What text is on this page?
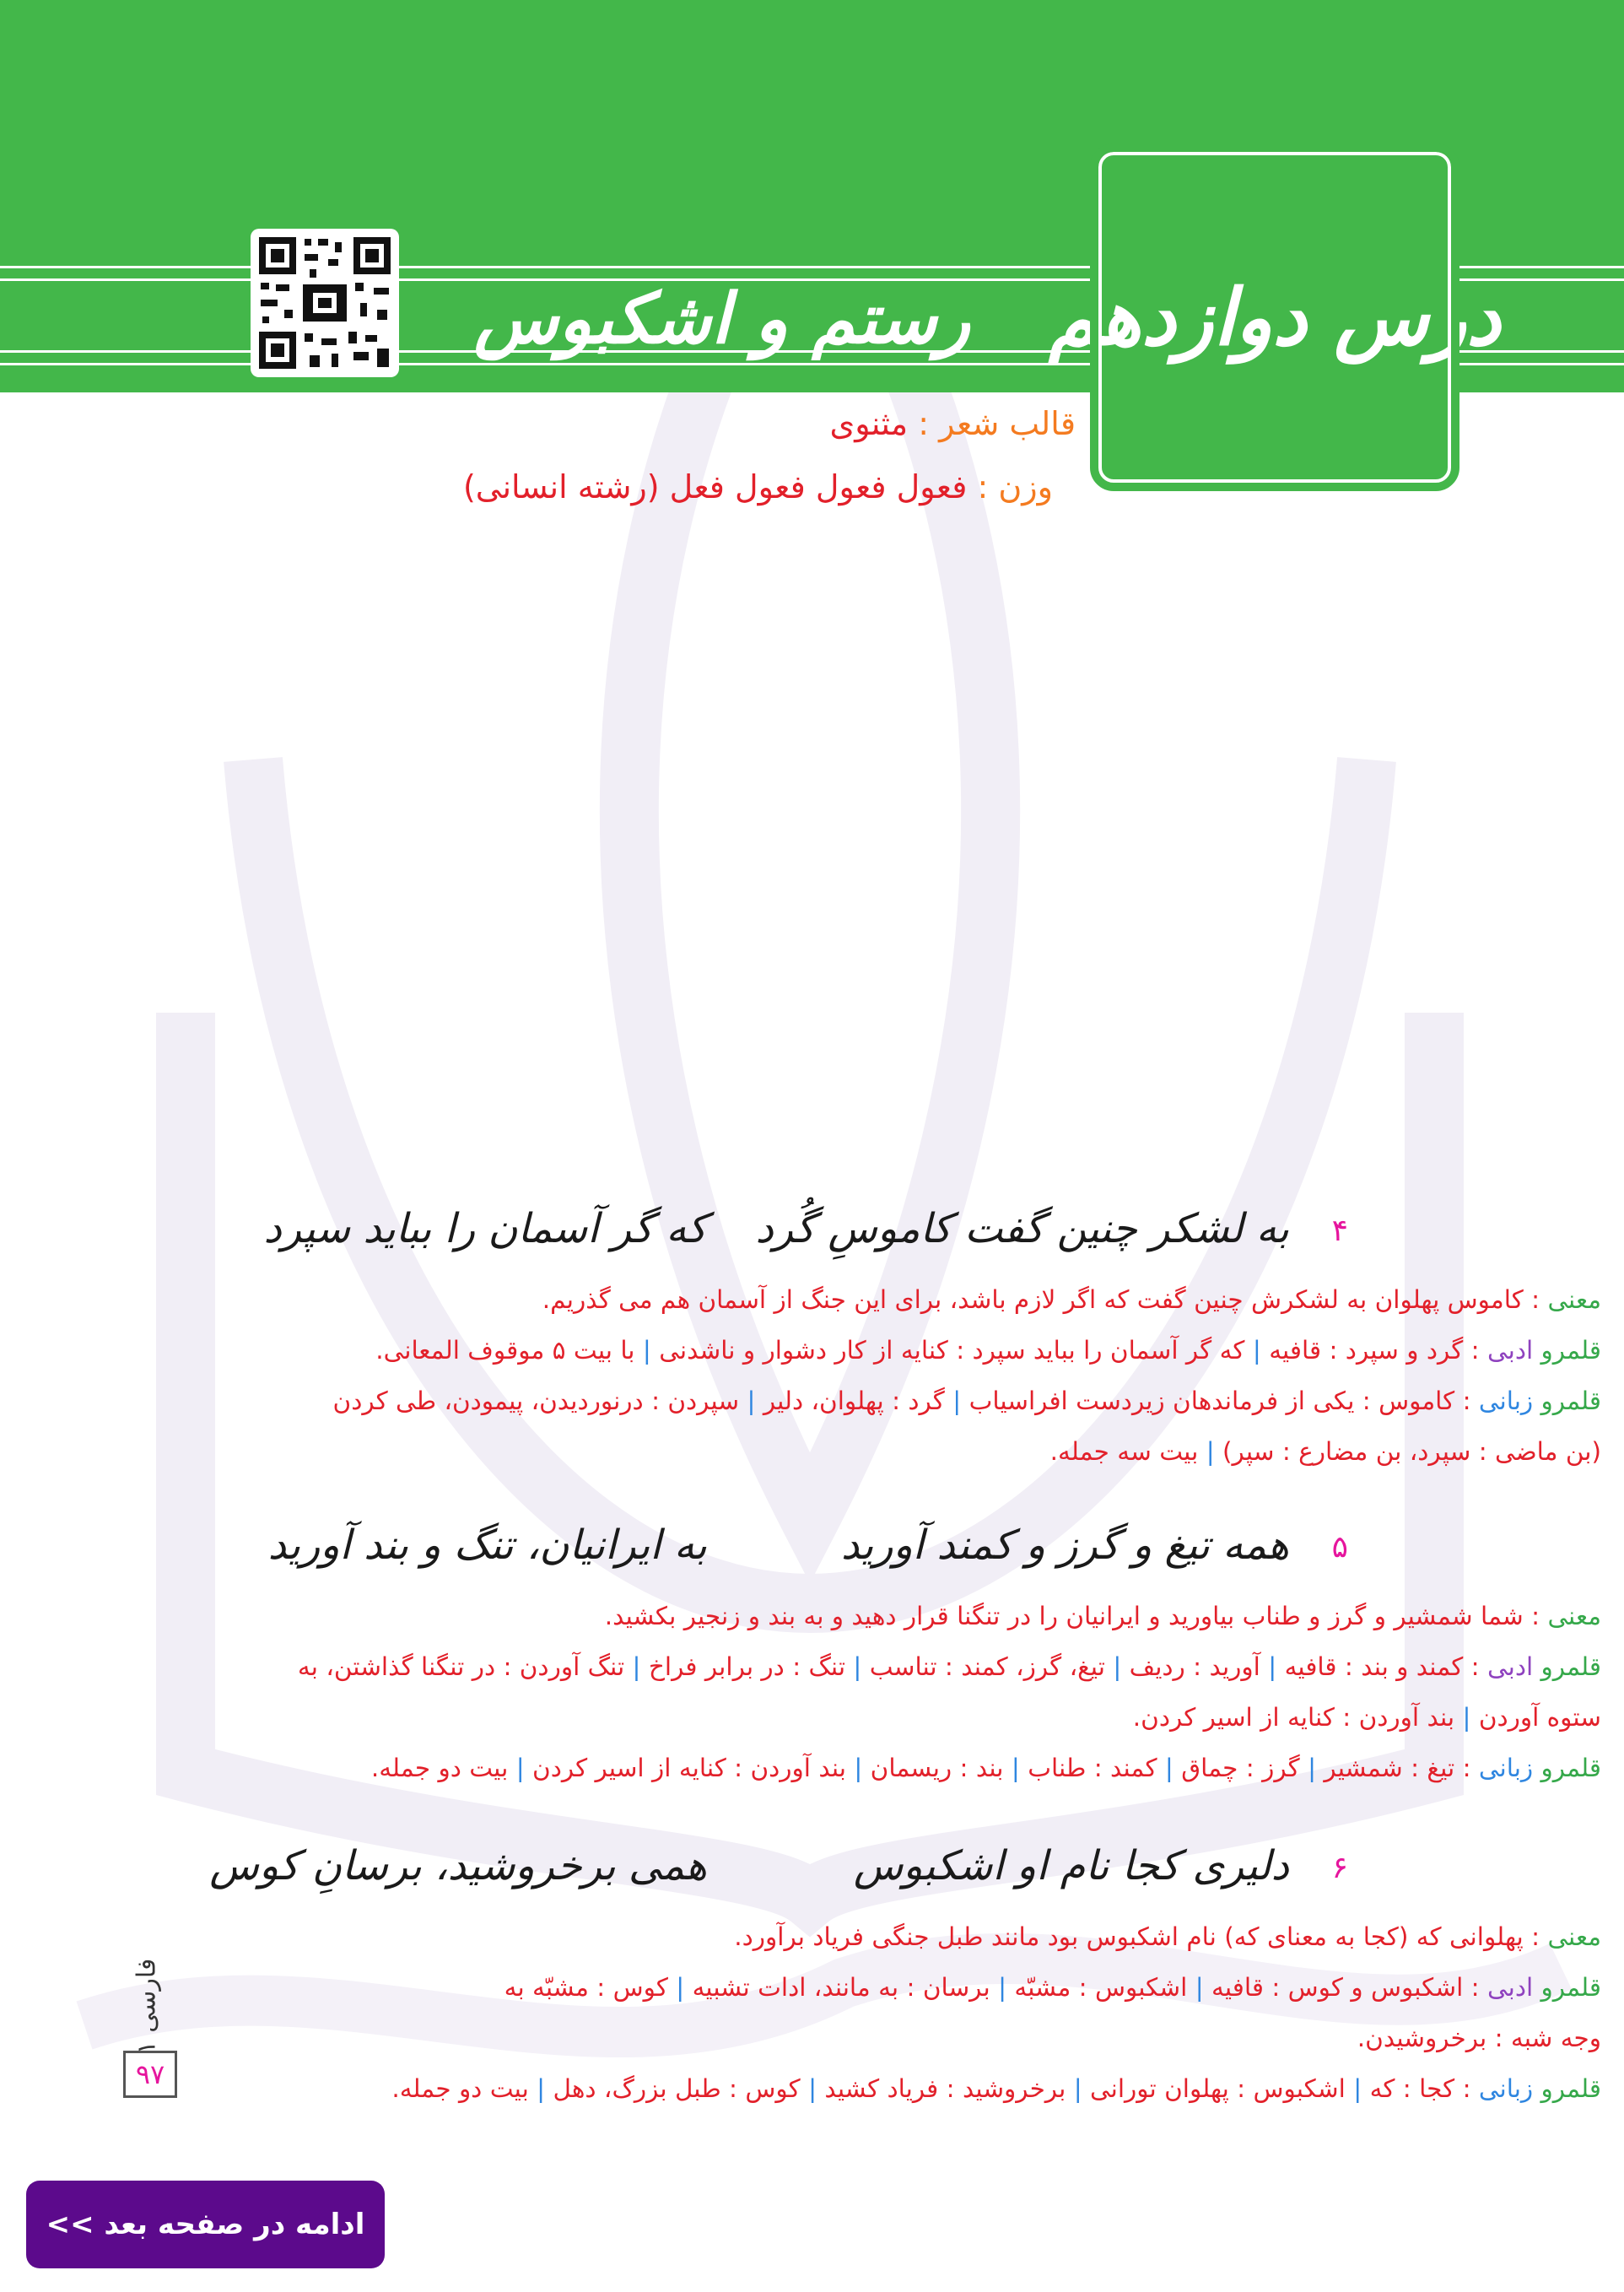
درس دوازدهم
رستم و اشکبوس
قالب شعر : مثنوی
وزن : فعول فعول فعول فعل (رشته انسانی)
۴
به لشکر چنین گفت کاموسِ گُرد
که گر آسمان را بباید سپرد
معنی : کاموس پهلوان به لشکرش چنین گفت که اگر لازم باشد، برای این جنگ از آسمان هم می گذریم.
قلمرو ادبی : گرد و سپرد : قافیه | که گر آسمان را بباید سپرد : کنایه از کار دشوار و ناشدنی | با بیت ۵ موقوف المعانی.
قلمرو زبانی : کاموس : یکی از فرماندهان زیردست افراسیاب | گرد : پهلوان، دلیر | سپردن : درنوردیدن، پیمودن، طی کردن
(بن ماضی : سپرد، بن مضارع : سپر) | بیت سه جمله.
۵
همه تیغ و گرز و کمند آورید
به ایرانیان، تنگ و بند آورید
معنی : شما شمشیر و گرز و طناب بیاورید و ایرانیان را در تنگنا قرار دهید و به بند و زنجیر بکشید.
قلمرو ادبی : کمند و بند : قافیه | آورید : ردیف | تیغ، گرز، کمند : تناسب | تنگ : در برابر فراخ | تنگ آوردن : در تنگنا گذاشتن، به
ستوه آوردن | بند آوردن : کنایه از اسیر کردن.
قلمرو زبانی : تیغ : شمشیر | گرز : چماق | کمند : طناب | بند : ریسمان | بند آوردن : کنایه از اسیر کردن | بیت دو جمله.
۶
دلیری کجا نام او اشکبوس
همی برخروشید، برسانِ کوس
معنی : پهلوانی که (کجا به معنای که) نام اشکبوس بود مانند طبل جنگی فریاد برآورد.
قلمرو ادبی : اشکبوس و کوس : قافیه | اشکبوس : مشبّه | برسان : به مانند، ادات تشبیه | کوس : مشبّه به
وجه شبه : برخروشیدن.
قلمرو زبانی : کجا : که | اشکبوس : پهلوان تورانی | برخروشید : فریاد کشید | کوس : طبل بزرگ، دهل | بیت دو جمله.
فارسی ۱
۹۷
ادامه در صفحه بعد >>
